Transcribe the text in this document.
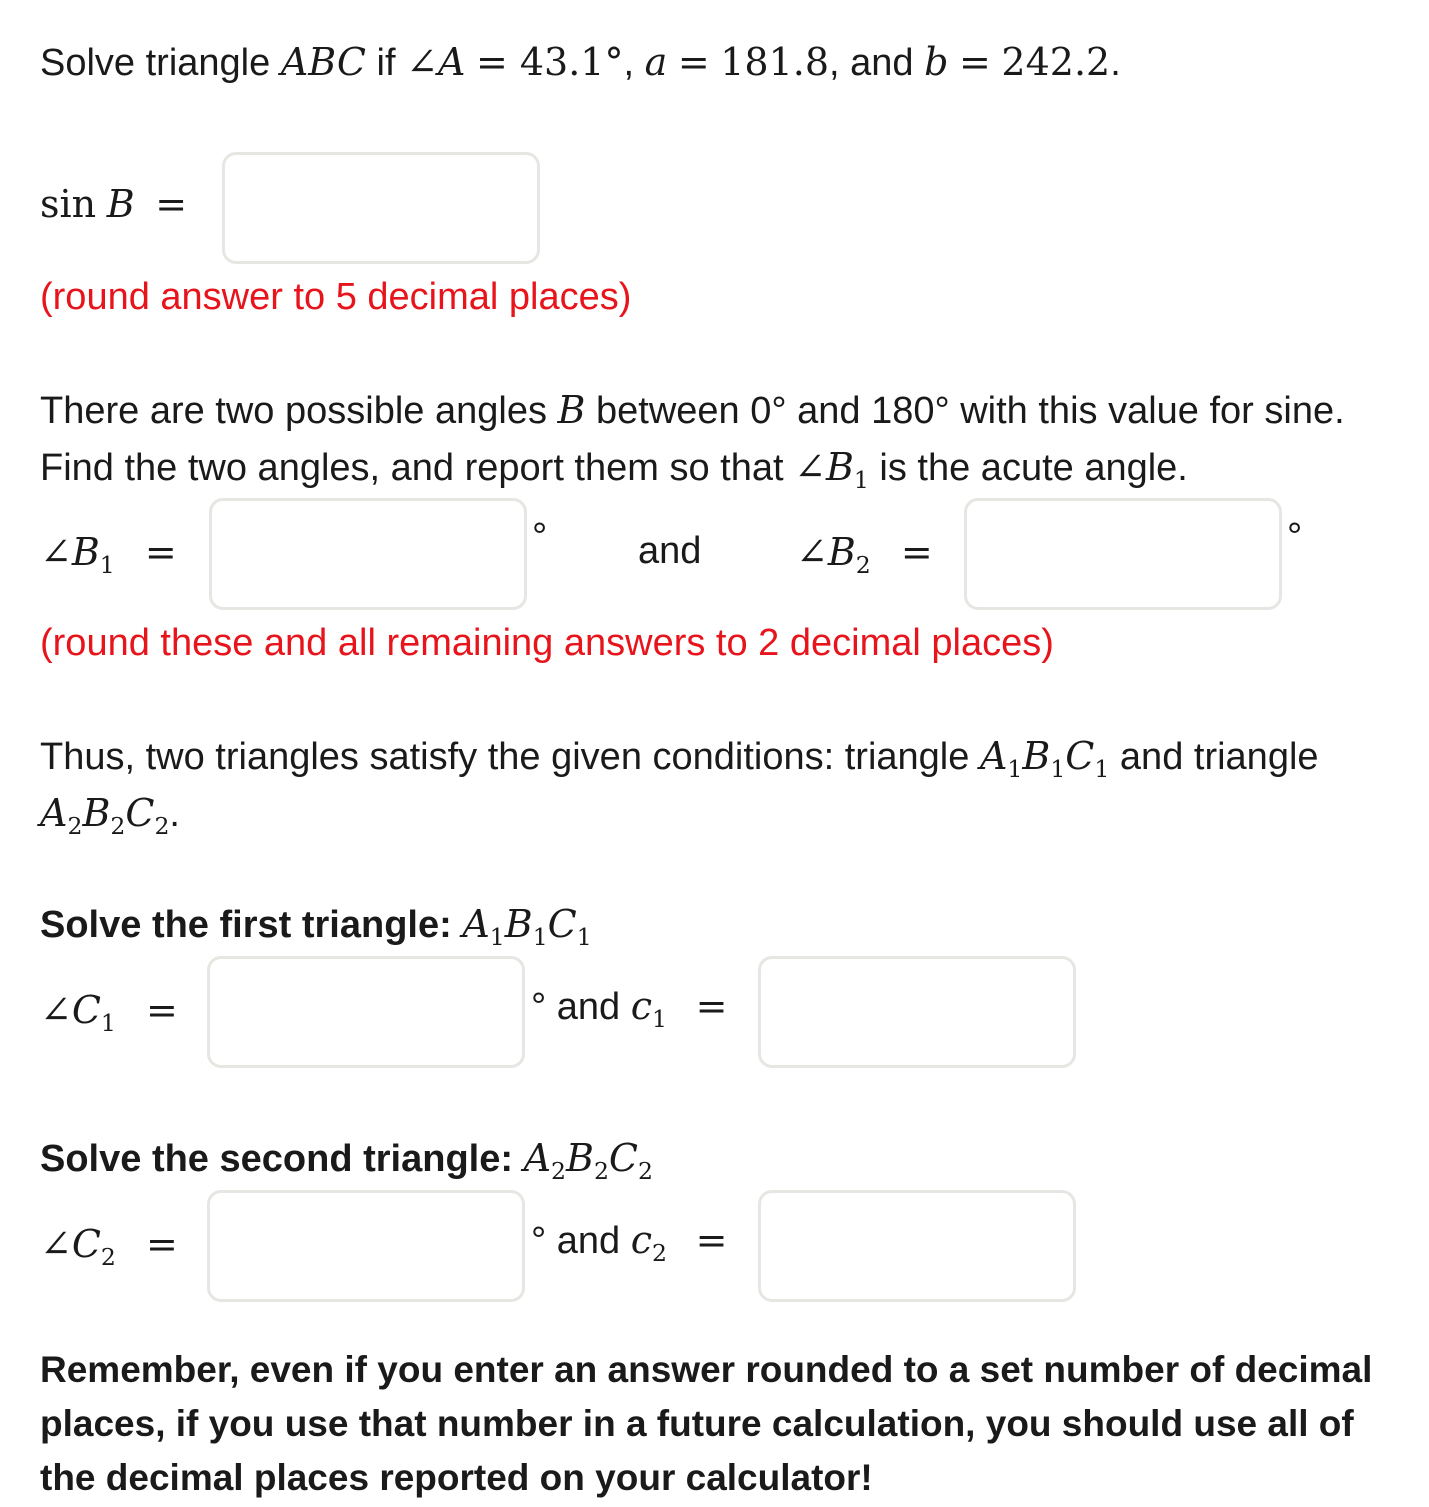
Solve triangle ABC if ∠A = 43.1°, a = 181.8, and b = 242.2.
sin B =
(round answer to 5 decimal places)
There are two possible angles B between 0° and 180° with this value for sine. Find the two angles, and report them so that $\angle B_1$ is the acute angle.
$\angle B_1$ =	° and $\angle B_2$ =	°
(round these and all remaining answers to 2 decimal places)
Thus, two triangles satisfy the given conditions: triangle $A_1B_1C_1$ and triangle $A_2B_2C_2$.
Solve the first triangle: $A_1B_1C_1$
$\angle C_1$ =	° and $c_1$ =
Solve the second triangle: $A_2B_2C_2$
$\angle C_2$ =	° and $c_2$ =
Remember, even if you enter an answer rounded to a set number of decimal places, if you use that number in a future calculation, you should use all of the decimal places reported on your calculator!
